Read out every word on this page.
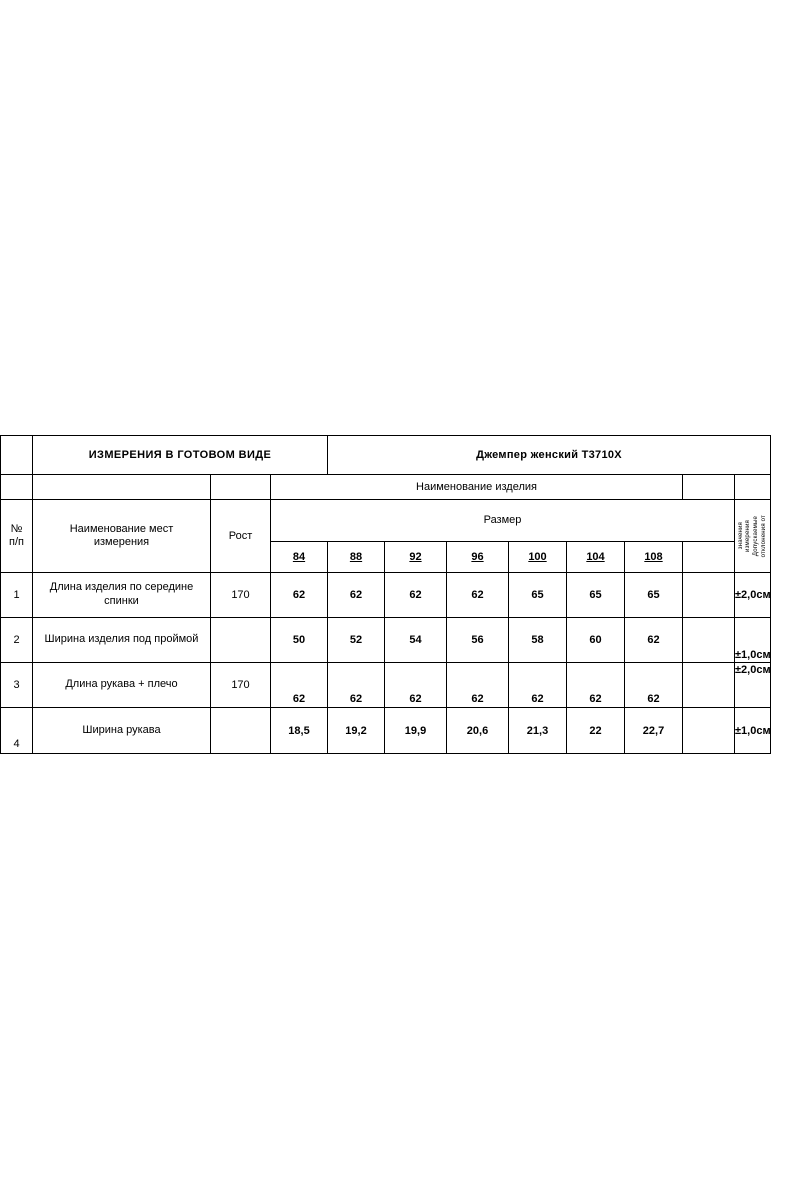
	ИЗМЕРЕНИЯ В ГОТОВОМ ВИДЕ			Джемпер женский Т3710Х							
			Наименование изделия								

№
п/п

Наименование мест
измерения	Рост	Размер	
значения измерения Допускаемые отклонения от

			84	88	92	96	100	104	108		
1	Длина изделия по середине спинки	170	62	62	62	62	65	65	65		±2,0см
2	Ширина изделия под проймой		50	52	54	56	58	60	62		±1,0см
3	Длина рукава + плечо	170	62	62	62	62	62	62	62		±2,0см
4	Ширина рукава		18,5	19,2	19,9	20,6	21,3	22	22,7		±1,0см
